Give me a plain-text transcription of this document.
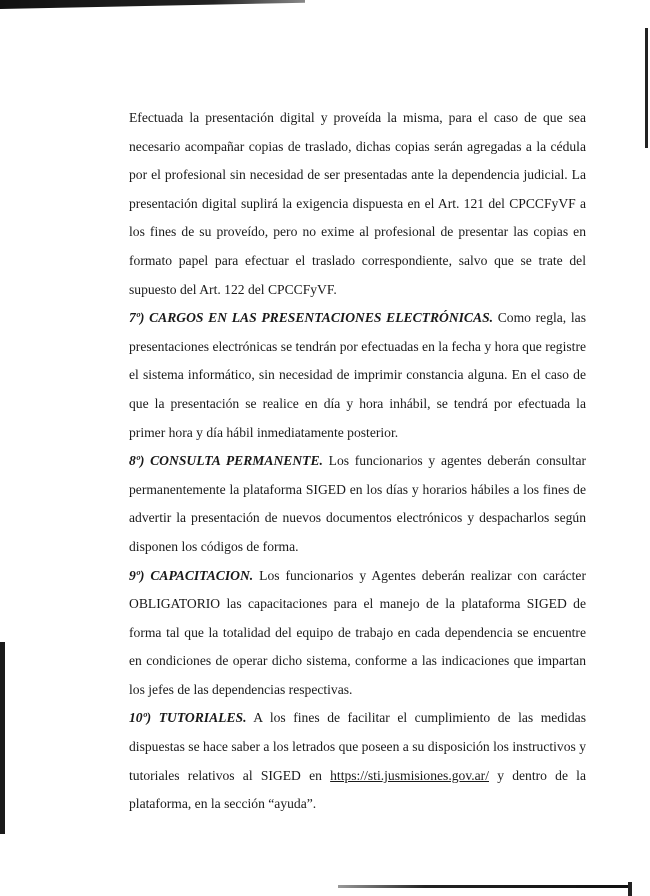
Efectuada la presentación digital y proveída la misma, para el caso de que sea necesario acompañar copias de traslado, dichas copias serán agregadas a la cédula por el profesional sin necesidad de ser presentadas ante la dependencia judicial. La presentación digital suplirá la exigencia dispuesta en el Art. 121 del CPCCFyVF a los fines de su proveído, pero no exime al profesional de presentar las copias en formato papel para efectuar el traslado correspondiente, salvo que se trate del supuesto del Art. 122 del CPCCFyVF.

7º) CARGOS EN LAS PRESENTACIONES ELECTRÓNICAS. Como regla, las presentaciones electrónicas se tendrán por efectuadas en la fecha y hora que registre el sistema informático, sin necesidad de imprimir constancia alguna. En el caso de que la presentación se realice en día y hora inhábil, se tendrá por efectuada la primer hora y día hábil inmediatamente posterior.

8º) CONSULTA PERMANENTE. Los funcionarios y agentes deberán consultar permanentemente la plataforma SIGED en los días y horarios hábiles a los fines de advertir la presentación de nuevos documentos electrónicos y despacharlos según disponen los códigos de forma.

9º) CAPACITACION. Los funcionarios y Agentes deberán realizar con carácter OBLIGATORIO las capacitaciones para el manejo de la plataforma SIGED de forma tal que la totalidad del equipo de trabajo en cada dependencia se encuentre en condiciones de operar dicho sistema, conforme a las indicaciones que impartan los jefes de las dependencias respectivas.

10º) TUTORIALES. A los fines de facilitar el cumplimiento de las medidas dispuestas se hace saber a los letrados que poseen a su disposición los instructivos y tutoriales relativos al SIGED en https://sti.jusmisiones.gov.ar/ y dentro de la plataforma, en la sección “ayuda”.
